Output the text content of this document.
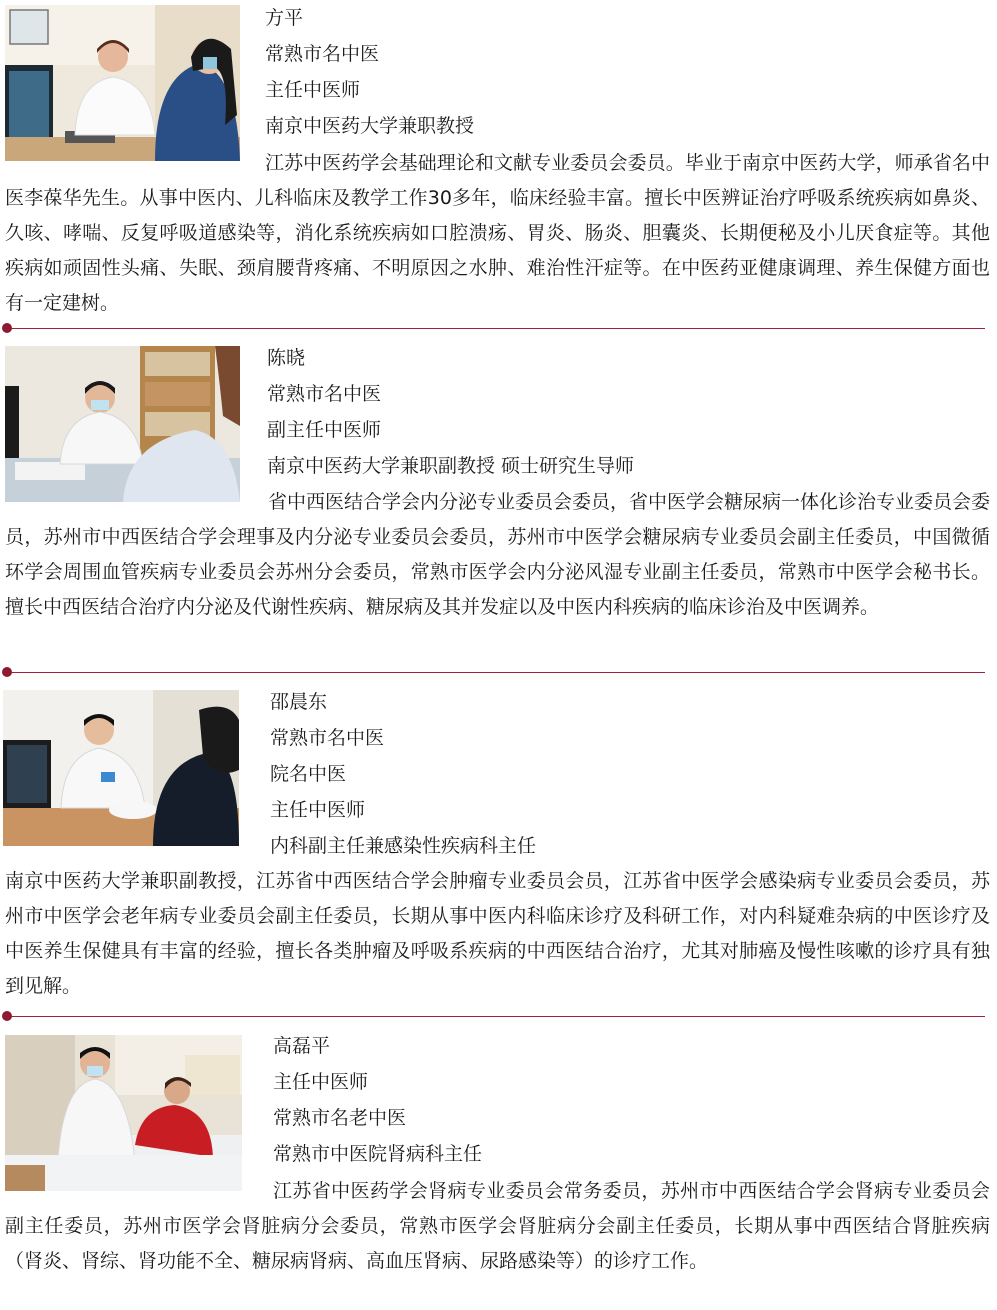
方平
常熟市名中医
主任中医师
南京中医药大学兼职教授

江苏中医药学会基础理论和文献专业委员会委员。毕业于南京中医药大学，师承省名中医李葆华先生。从事中医内、儿科临床及教学工作30多年，临床经验丰富。擅长中医辨证治疗呼吸系统疾病如鼻炎、久咳、哮喘、反复呼吸道感染等，消化系统疾病如口腔溃疡、胃炎、肠炎、胆囊炎、长期便秘及小儿厌食症等。其他疾病如顽固性头痛、失眠、颈肩腰背疼痛、不明原因之水肿、难治性汗症等。在中医药亚健康调理、养生保健方面也有一定建树。

陈晓
常熟市名中医
副主任中医师
南京中医药大学兼职副教授 硕士研究生导师

省中西医结合学会内分泌专业委员会委员，省中医学会糖尿病一体化诊治专业委员会委员，苏州市中西医结合学会理事及内分泌专业委员会委员，苏州市中医学会糖尿病专业委员会副主任委员，中国微循环学会周围血管疾病专业委员会苏州分会委员，常熟市医学会内分泌风湿专业副主任委员，常熟市中医学会秘书长。擅长中西医结合治疗内分泌及代谢性疾病、糖尿病及其并发症以及中医内科疾病的临床诊治及中医调养。

邵晨东
常熟市名中医
院名中医
主任中医师
内科副主任兼感染性疾病科主任

南京中医药大学兼职副教授，江苏省中西医结合学会肿瘤专业委员会员，江苏省中医学会感染病专业委员会委员，苏州市中医学会老年病专业委员会副主任委员，长期从事中医内科临床诊疗及科研工作，对内科疑难杂病的中医诊疗及中医养生保健具有丰富的经验，擅长各类肿瘤及呼吸系疾病的中西医结合治疗，尤其对肺癌及慢性咳嗽的诊疗具有独到见解。

高磊平
主任中医师
常熟市名老中医
常熟市中医院肾病科主任

江苏省中医药学会肾病专业委员会常务委员，苏州市中西医结合学会肾病专业委员会副主任委员，苏州市医学会肾脏病分会委员，常熟市医学会肾脏病分会副主任委员，长期从事中西医结合肾脏疾病（肾炎、肾综、肾功能不全、糖尿病肾病、高血压肾病、尿路感染等）的诊疗工作。
